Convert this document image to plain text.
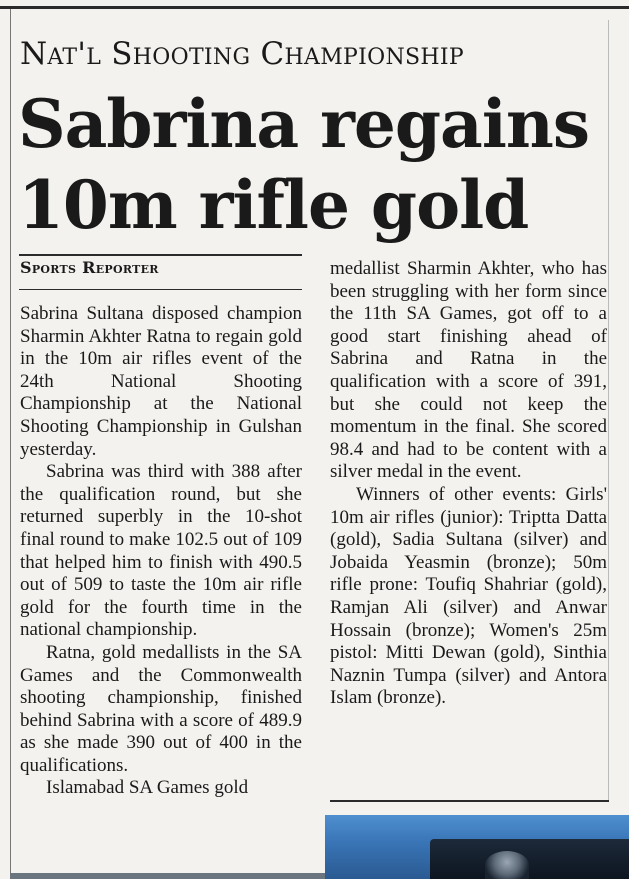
Nat'l Shooting Championship
Sabrina regains 10m rifle gold
Sports Reporter

Sabrina Sultana disposed champion Sharmin Akhter Ratna to regain gold in the 10m air rifles event of the 24th National Shooting Championship at the National Shooting Championship in Gulshan yesterday.

Sabrina was third with 388 after the qualification round, but she returned superbly in the 10-shot final round to make 102.5 out of 109 that helped him to finish with 490.5 out of 509 to taste the 10m air rifle gold for the fourth time in the national championship.

Ratna, gold medallists in the SA Games and the Commonwealth shooting championship, finished behind Sabrina with a score of 489.9 as she made 390 out of 400 in the qualifications.

Islamabad SA Games gold

medallist Sharmin Akhter, who has been struggling with her form since the 11th SA Games, got off to a good start finishing ahead of Sabrina and Ratna in the qualification with a score of 391, but she could not keep the momentum in the final. She scored 98.4 and had to be content with a silver medal in the event.

Winners of other events: Girls' 10m air rifles (junior): Triptta Datta (gold), Sadia Sultana (silver) and Jobaida Yeasmin (bronze); 50m rifle prone: Toufiq Shahriar (gold), Ramjan Ali (silver) and Anwar Hossain (bronze); Women's 25m pistol: Mitti Dewan (gold), Sinthia Naznin Tumpa (silver) and Antora Islam (bronze).
